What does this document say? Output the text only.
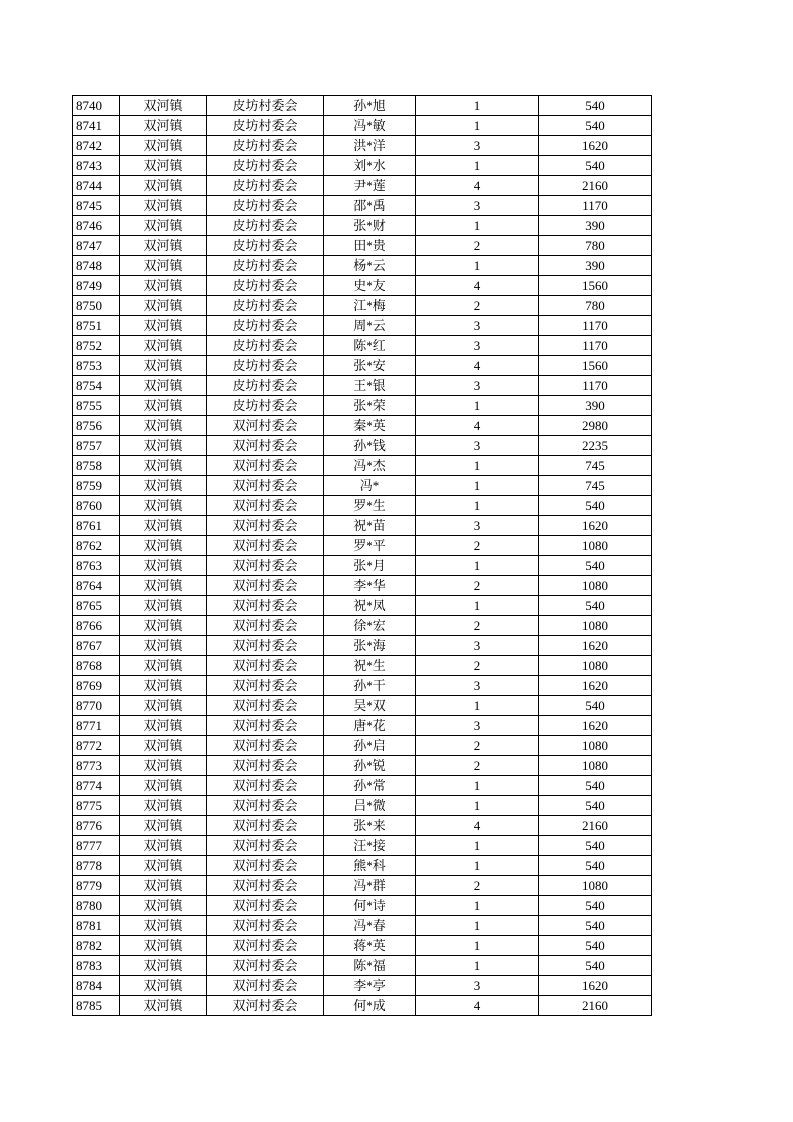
8740	双河镇	皮坊村委会	孙*旭	1	540
8741	双河镇	皮坊村委会	冯*敏	1	540
8742	双河镇	皮坊村委会	洪*洋	3	1620
8743	双河镇	皮坊村委会	刘*水	1	540
8744	双河镇	皮坊村委会	尹*莲	4	2160
8745	双河镇	皮坊村委会	邵*禹	3	1170
8746	双河镇	皮坊村委会	张*财	1	390
8747	双河镇	皮坊村委会	田*贵	2	780
8748	双河镇	皮坊村委会	杨*云	1	390
8749	双河镇	皮坊村委会	史*友	4	1560
8750	双河镇	皮坊村委会	江*梅	2	780
8751	双河镇	皮坊村委会	周*云	3	1170
8752	双河镇	皮坊村委会	陈*红	3	1170
8753	双河镇	皮坊村委会	张*安	4	1560
8754	双河镇	皮坊村委会	王*银	3	1170
8755	双河镇	皮坊村委会	张*荣	1	390
8756	双河镇	双河村委会	秦*英	4	2980
8757	双河镇	双河村委会	孙*钱	3	2235
8758	双河镇	双河村委会	冯*杰	1	745
8759	双河镇	双河村委会	冯*	1	745
8760	双河镇	双河村委会	罗*生	1	540
8761	双河镇	双河村委会	祝*苗	3	1620
8762	双河镇	双河村委会	罗*平	2	1080
8763	双河镇	双河村委会	张*月	1	540
8764	双河镇	双河村委会	李*华	2	1080
8765	双河镇	双河村委会	祝*凤	1	540
8766	双河镇	双河村委会	徐*宏	2	1080
8767	双河镇	双河村委会	张*海	3	1620
8768	双河镇	双河村委会	祝*生	2	1080
8769	双河镇	双河村委会	孙*干	3	1620
8770	双河镇	双河村委会	吴*双	1	540
8771	双河镇	双河村委会	唐*花	3	1620
8772	双河镇	双河村委会	孙*启	2	1080
8773	双河镇	双河村委会	孙*锐	2	1080
8774	双河镇	双河村委会	孙*常	1	540
8775	双河镇	双河村委会	吕*微	1	540
8776	双河镇	双河村委会	张*来	4	2160
8777	双河镇	双河村委会	汪*接	1	540
8778	双河镇	双河村委会	熊*科	1	540
8779	双河镇	双河村委会	冯*群	2	1080
8780	双河镇	双河村委会	何*诗	1	540
8781	双河镇	双河村委会	冯*春	1	540
8782	双河镇	双河村委会	蒋*英	1	540
8783	双河镇	双河村委会	陈*福	1	540
8784	双河镇	双河村委会	李*亭	3	1620
8785	双河镇	双河村委会	何*成	4	2160
